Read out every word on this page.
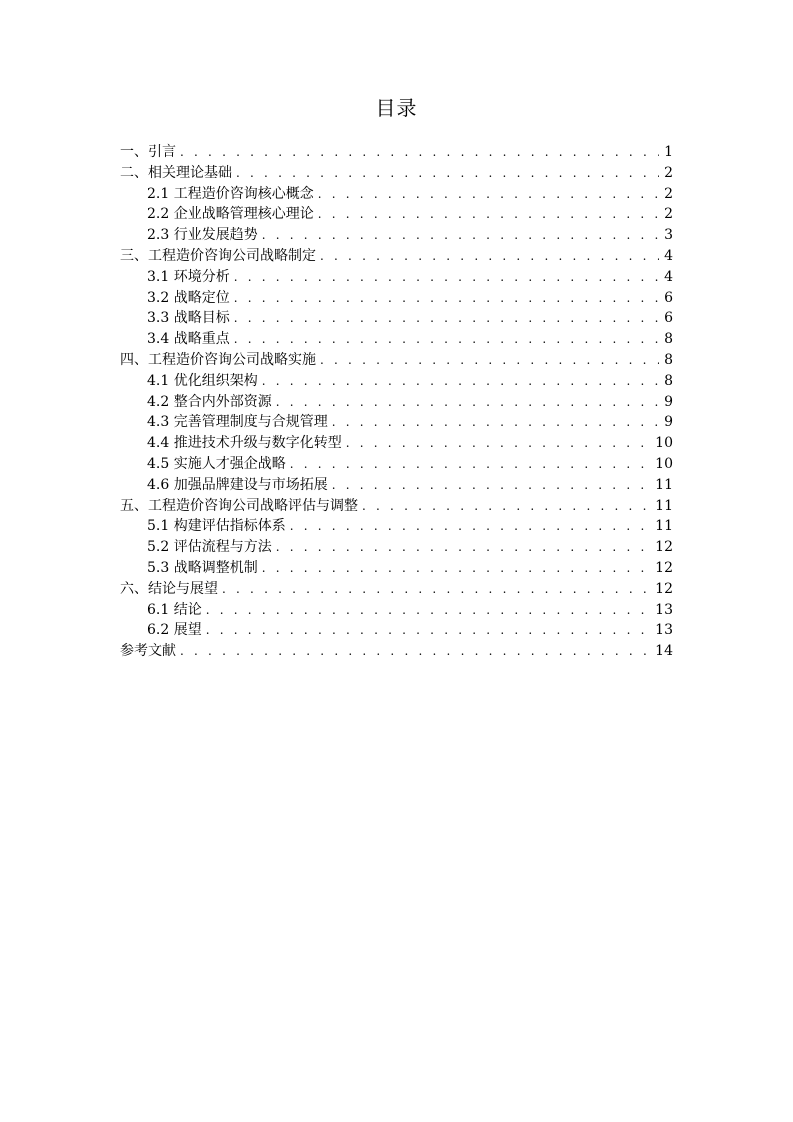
目录
一、引言 . . .	1
二、相关理论基础 . . .	2
2.1 工程造价咨询核心概念 . . .	2
2.2 企业战略管理核心理论 . . .	2
2.3 行业发展趋势 . . .	3
三、工程造价咨询公司战略制定 . . .	4
3.1 环境分析 . . .	4
3.2 战略定位 . . .	6
3.3 战略目标 . . .	6
3.4 战略重点 . . .	8
四、工程造价咨询公司战略实施 . . .	8
4.1 优化组织架构 . . .	8
4.2 整合内外部资源 . . .	9
4.3 完善管理制度与合规管理 . . .	9
4.4 推进技术升级与数字化转型 . . .	10
4.5 实施人才强企战略 . . .	10
4.6 加强品牌建设与市场拓展 . . .	11
五、工程造价咨询公司战略评估与调整 . . .	11
5.1 构建评估指标体系 . . .	11
5.2 评估流程与方法 . . .	12
5.3 战略调整机制 . . .	12
六、结论与展望 . . .	12
6.1 结论 . . .	13
6.2 展望 . . .	13
参考文献 . . .	14
